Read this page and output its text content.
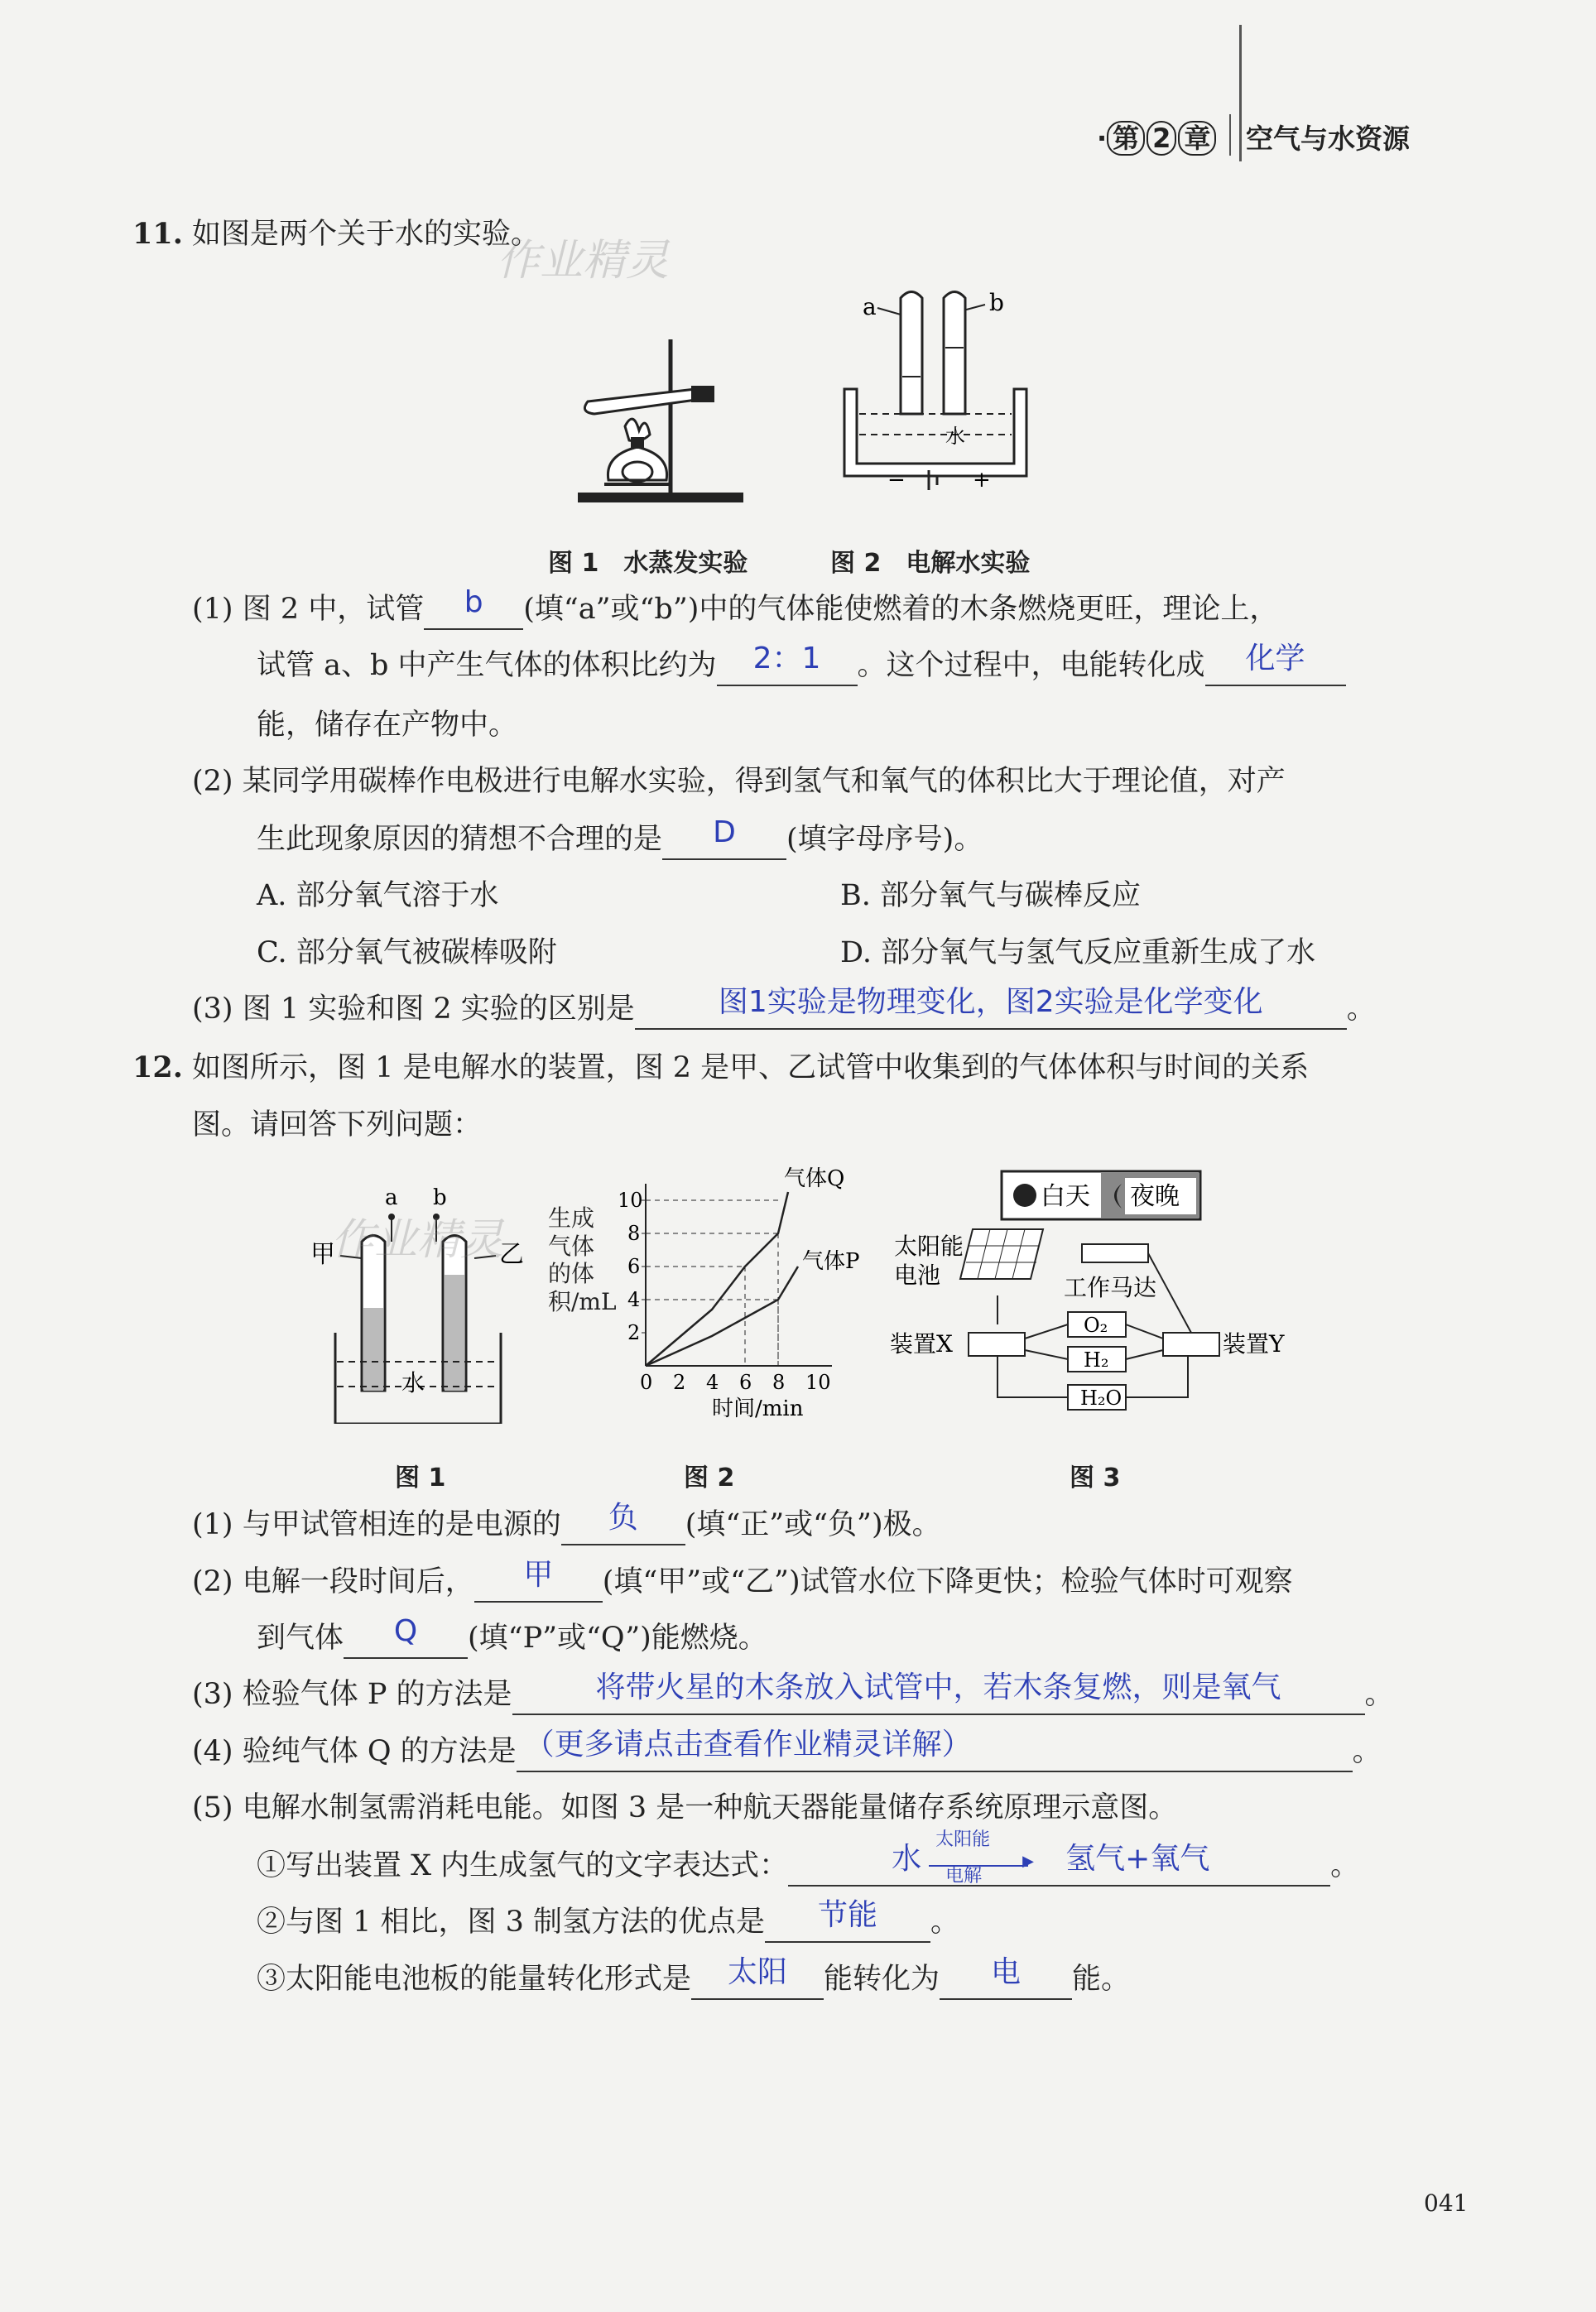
· 第 2 章 空气与水资源
11. 如图是两个关于水的实验。
作业精灵
a	b
水
−	+
图 1　水蒸发实验	图 2　电解水实验
(1) 图 2 中，试管	b	(填“a”或“b”)中的气体能使燃着的木条燃烧更旺，理论上，
试管 a、b 中产生气体的体积比约为	2：1	。这个过程中，电能转化成	化学
能，储存在产物中。
(2) 某同学用碳棒作电极进行电解水实验，得到氢气和氧气的体积比大于理论值，对产
生此现象原因的猜想不合理的是	D	(填字母序号)。
A. 部分氧气溶于水	B. 部分氧气与碳棒反应
C. 部分氧气被碳棒吸附	D. 部分氧气与氢气反应重新生成了水
(3) 图 1 实验和图 2 实验的区别是	图1实验是物理变化，图2实验是化学变化	。
12. 如图所示，图 1 是电解水的装置，图 2 是甲、乙试管中收集到的气体体积与时间的关系
图。请回答下列问题：
a b
甲	乙
水
作业精灵 生成
气体
的体
积/mL
0 2 4 6 8 10
2
4
6
8
10
气体Q
气体P
时间/min
白天 夜晚
太阳能
电池	工作马达
装置X	装置Y
O₂
H₂
H₂O
图 1	图 2	图 3
(1) 与甲试管相连的是电源的	负	(填“正”或“负”)极。
(2) 电解一段时间后，	甲	(填“甲”或“乙”)试管水位下降更快；检验气体时可观察
到气体	Q	(填“P”或“Q”)能燃烧。
(3) 检验气体 P 的方法是	将带火星的木条放入试管中，若木条复燃，则是氧气	。
(4) 验纯气体 Q 的方法是 （更多请点击查看作业精灵详解）	。
(5) 电解水制氢需消耗电能。如图 3 是一种航天器能量储存系统原理示意图。
①写出装置 X 内生成氢气的文字表达式：	水
太阳能
▶
电解
氢气+氧气	。
②与图 1 相比，图 3 制氢方法的优点是	节能	。
③太阳能电池板的能量转化形式是	太阳	能转化为	电	能。
041
